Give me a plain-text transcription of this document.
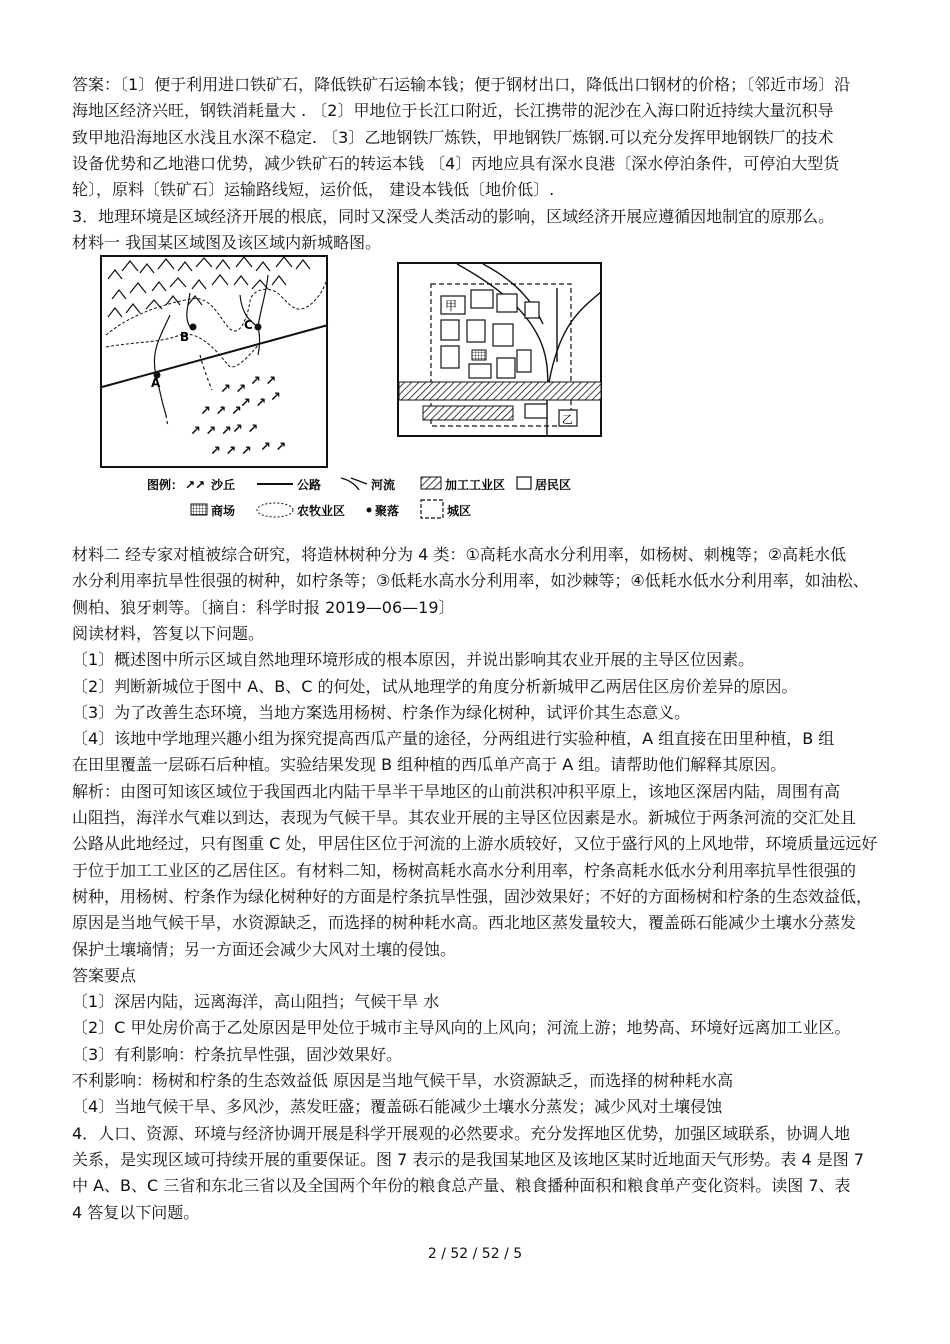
答案：〔1〕便于利用进口铁矿石，降低铁矿石运输本钱；便于钢材出口，降低出口钢材的价格；〔邻近市场〕沿
海地区经济兴旺，钢铁消耗量大 . 〔2〕甲地位于长江口附近，长江携带的泥沙在入海口附近持续大量沉积导
致甲地沿海地区水浅且水深不稳定. 〔3〕乙地钢铁厂炼铁，甲地钢铁厂炼钢.可以充分发挥甲地钢铁厂的技术
设备优势和乙地港口优势，减少铁矿石的转运本钱 〔4〕丙地应具有深水良港〔深水停泊条件，可停泊大型货
轮〕，原料〔铁矿石〕运输路线短，运价低， 建设本钱低〔地价低〕.
3．地理环境是区域经济开展的根底，同时又深受人类活动的影响，区域经济开展应遵循因地制宜的原那么。
材料一 我国某区域图及该区域内新城略图。
A
B
C
↗ ↗
↗ ↗
↗ ↗ ↗
↗ ↗ ↗
↗ ↗ ↗ ↗ ↗
↗ ↗ ↗ ↗ ↗
甲
乙
图例： ↗↗ 沙丘	公路	河流	加工工业区 居民区
商场	农牧业区 聚落	城区
材料二 经专家对植被综合研究，将造林树种分为 4 类：①高耗水高水分利用率，如杨树、刺槐等；②高耗水低
水分利用率抗旱性很强的树种，如柠条等；③低耗水高水分利用率，如沙棘等；④低耗水低水分利用率，如油松、
侧柏、狼牙刺等。〔摘自：科学时报 2019—06—19〕
阅读材料，答复以下问题。
〔1〕概述图中所示区域自然地理环境形成的根本原因，并说出影响其农业开展的主导区位因素。
〔2〕判断新城位于图中 A、B、C 的何处，试从地理学的角度分析新城甲乙两居住区房价差异的原因。
〔3〕为了改善生态环境，当地方案选用杨树、柠条作为绿化树种，试评价其生态意义。
〔4〕该地中学地理兴趣小组为探究提高西瓜产量的途径，分两组进行实验种植，A 组直接在田里种植，B 组
在田里覆盖一层砾石后种植。实验结果发现 B 组种植的西瓜单产高于 A 组。请帮助他们解释其原因。
解析：由图可知该区域位于我国西北内陆干旱半干旱地区的山前洪积冲积平原上，该地区深居内陆，周围有高
山阻挡，海洋水气难以到达，表现为气候干旱。其农业开展的主导区位因素是水。新城位于两条河流的交汇处且
公路从此地经过，只有图重 C 处，甲居住区位于河流的上游水质较好，又位于盛行风的上风地带，环境质量远远好
于位于加工工业区的乙居住区。有材料二知，杨树高耗水高水分利用率，柠条高耗水低水分利用率抗旱性很强的
树种，用杨树、柠条作为绿化树种好的方面是柠条抗旱性强，固沙效果好；不好的方面杨树和柠条的生态效益低，
原因是当地气候干旱，水资源缺乏，而选择的树种耗水高。西北地区蒸发量较大，覆盖砾石能减少土壤水分蒸发
保护土壤墒情；另一方面还会减少大风对土壤的侵蚀。
答案要点
〔1〕深居内陆，远离海洋，高山阻挡；气候干旱 水
〔2〕C 甲处房价高于乙处原因是甲处位于城市主导风向的上风向；河流上游；地势高、环境好远离加工业区。
〔3〕有利影响：柠条抗旱性强，固沙效果好。
不利影响：杨树和柠条的生态效益低 原因是当地气候干旱，水资源缺乏，而选择的树种耗水高
〔4〕当地气候干旱、多风沙，蒸发旺盛；覆盖砾石能减少土壤水分蒸发；减少风对土壤侵蚀
4．人口、资源、环境与经济协调开展是科学开展观的必然要求。充分发挥地区优势，加强区域联系，协调人地
关系，是实现区域可持续开展的重要保证。图 7 表示的是我国某地区及该地区某时近地面天气形势。表 4 是图 7
中 A、B、C 三省和东北三省以及全国两个年份的粮食总产量、粮食播种面积和粮食单产变化资料。读图 7、表
4 答复以下问题。
2 / 52 / 52 / 5
